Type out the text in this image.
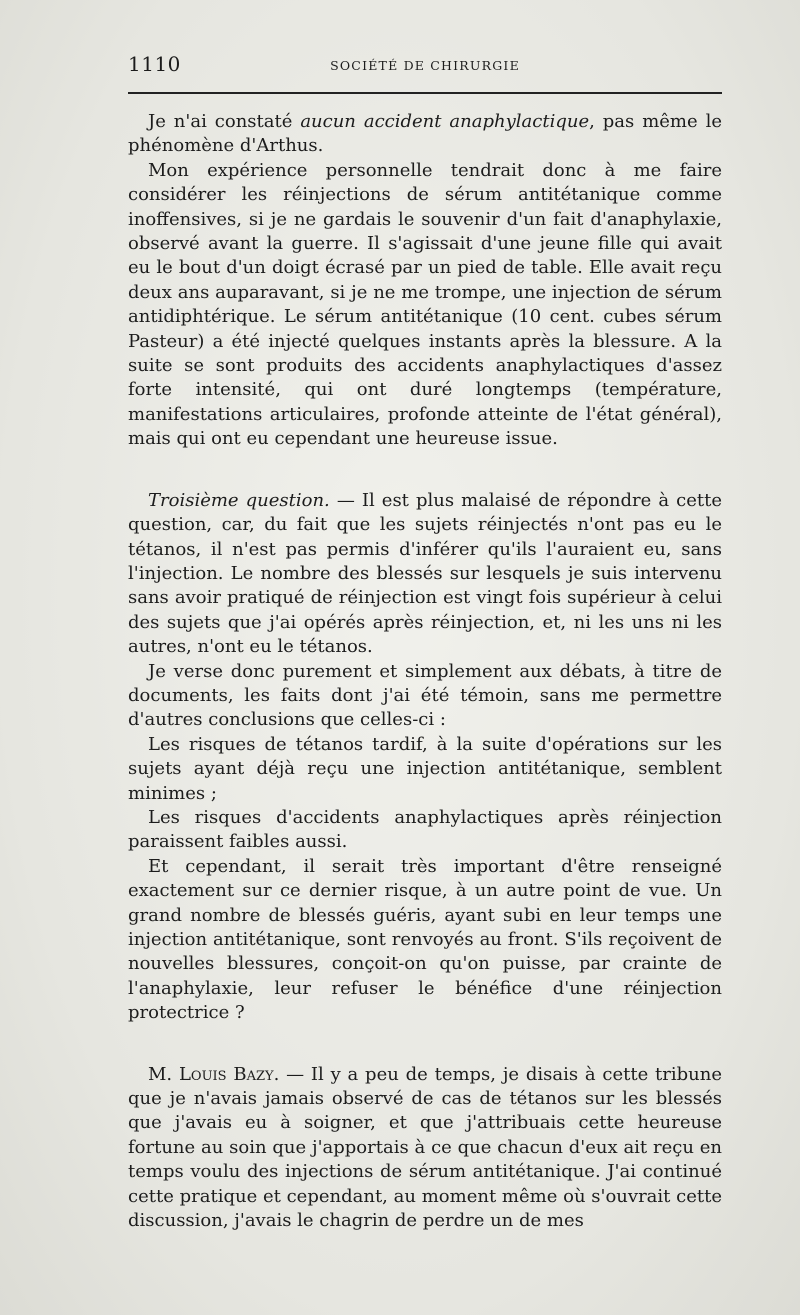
1110	SOCIÉTÉ DE CHIRURGIE

Je n'ai constaté aucun accident anaphylactique, pas même le phénomène d'Arthus.

Mon expérience personnelle tendrait donc à me faire considérer les réinjections de sérum antitétanique comme inoffensives, si je ne gardais le souvenir d'un fait d'anaphylaxie, observé avant la guerre. Il s'agissait d'une jeune fille qui avait eu le bout d'un doigt écrasé par un pied de table. Elle avait reçu deux ans auparavant, si je ne me trompe, une injection de sérum antidiphtérique. Le sérum antitétanique (10 cent. cubes sérum Pasteur) a été injecté quelques instants après la blessure. A la suite se sont produits des accidents anaphylactiques d'assez forte intensité, qui ont duré longtemps (température, manifestations articulaires, profonde atteinte de l'état général), mais qui ont eu cependant une heureuse issue.

Troisième question. — Il est plus malaisé de répondre à cette question, car, du fait que les sujets réinjectés n'ont pas eu le tétanos, il n'est pas permis d'inférer qu'ils l'auraient eu, sans l'injection. Le nombre des blessés sur lesquels je suis intervenu sans avoir pratiqué de réinjection est vingt fois supérieur à celui des sujets que j'ai opérés après réinjection, et, ni les uns ni les autres, n'ont eu le tétanos.

Je verse donc purement et simplement aux débats, à titre de documents, les faits dont j'ai été témoin, sans me permettre d'autres conclusions que celles-ci :

Les risques de tétanos tardif, à la suite d'opérations sur les sujets ayant déjà reçu une injection antitétanique, semblent minimes ;

Les risques d'accidents anaphylactiques après réinjection paraissent faibles aussi.

Et cependant, il serait très important d'être renseigné exactement sur ce dernier risque, à un autre point de vue. Un grand nombre de blessés guéris, ayant subi en leur temps une injection antitétanique, sont renvoyés au front. S'ils reçoivent de nouvelles blessures, conçoit-on qu'on puisse, par crainte de l'anaphylaxie, leur refuser le bénéfice d'une réinjection protectrice ?

M. Louis Bazy. — Il y a peu de temps, je disais à cette tribune que je n'avais jamais observé de cas de tétanos sur les blessés que j'avais eu à soigner, et que j'attribuais cette heureuse fortune au soin que j'apportais à ce que chacun d'eux ait reçu en temps voulu des injections de sérum antitétanique. J'ai continué cette pratique et cependant, au moment même où s'ouvrait cette discussion, j'avais le chagrin de perdre un de mes
